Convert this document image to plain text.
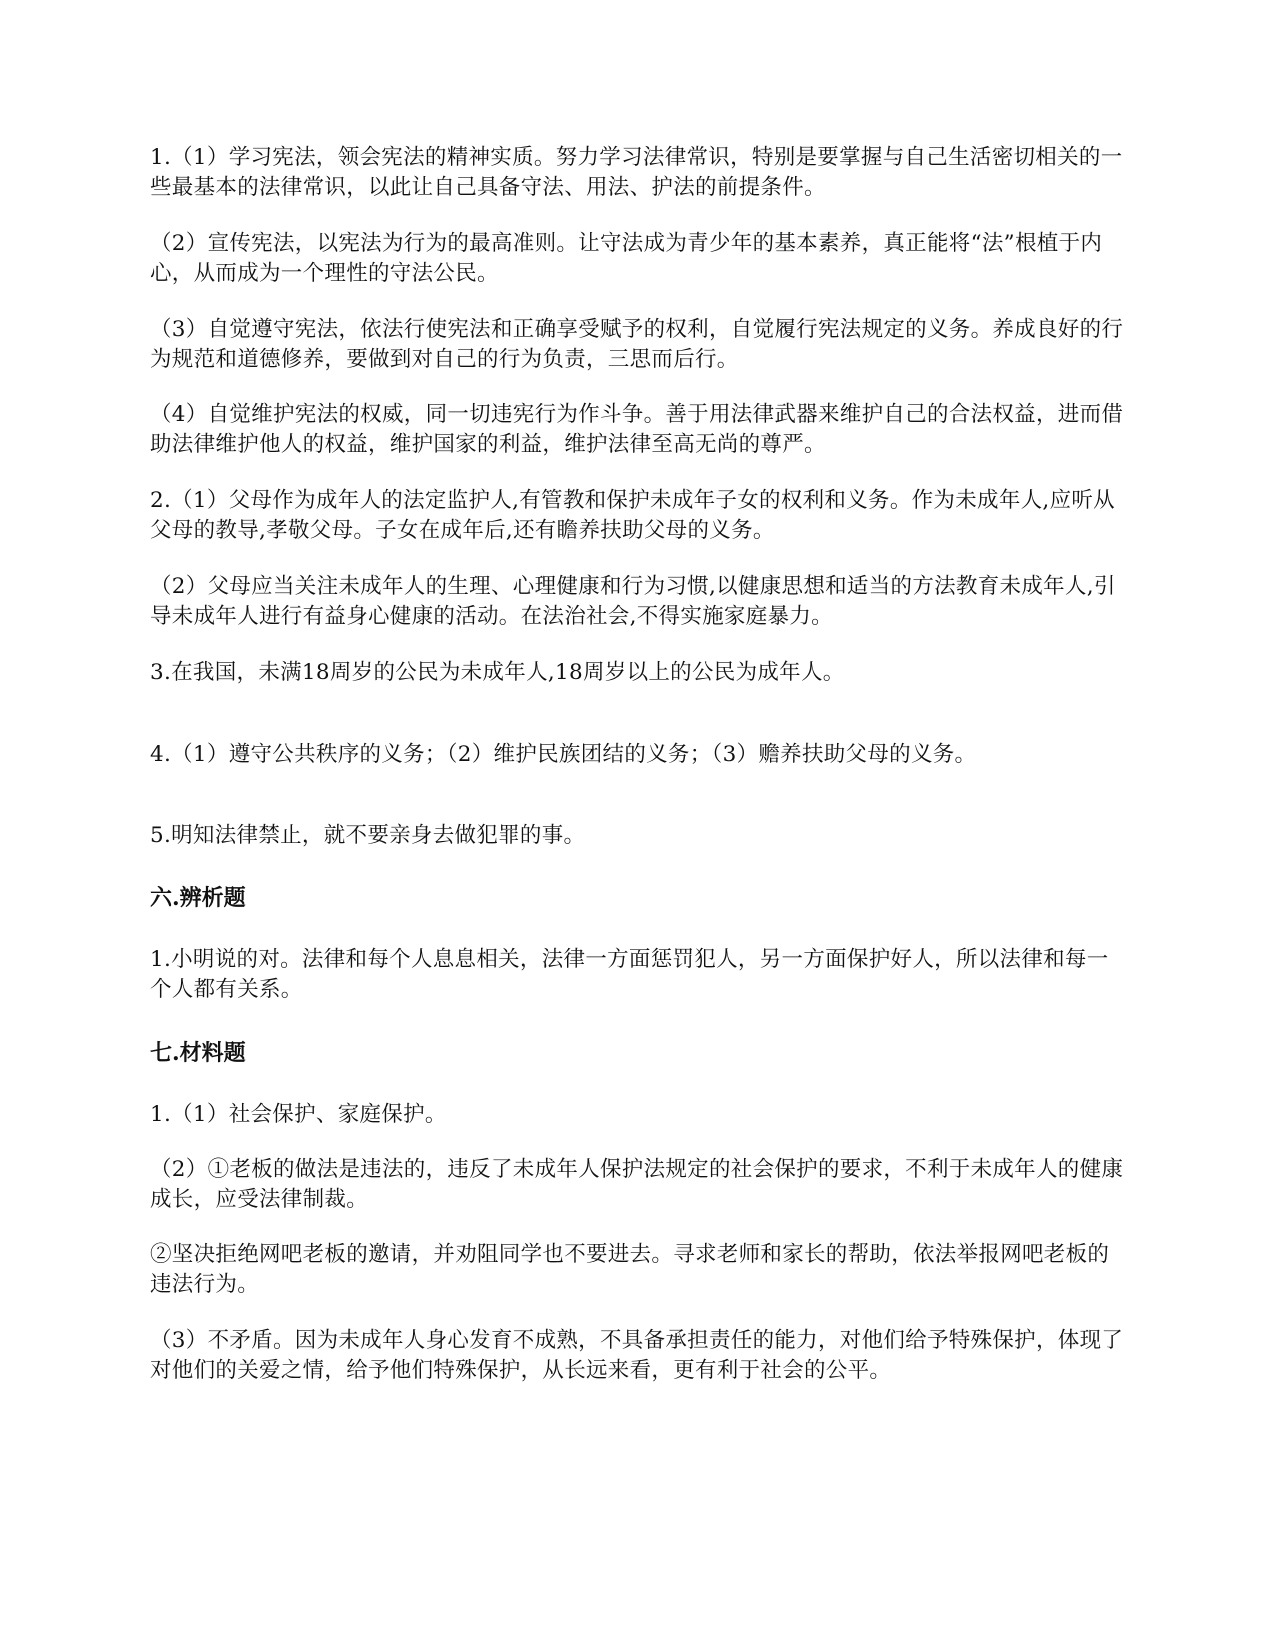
1.（1）学习宪法，领会宪法的精神实质。努力学习法律常识，特别是要掌握与自己生活密切相关的一些最基本的法律常识，以此让自己具备守法、用法、护法的前提条件。

（2）宣传宪法，以宪法为行为的最高准则。让守法成为青少年的基本素养，真正能将“法”根植于内心，从而成为一个理性的守法公民。

（3）自觉遵守宪法，依法行使宪法和正确享受赋予的权利，自觉履行宪法规定的义务。养成良好的行为规范和道德修养，要做到对自己的行为负责，三思而后行。

（4）自觉维护宪法的权威，同一切违宪行为作斗争。善于用法律武器来维护自己的合法权益，进而借助法律维护他人的权益，维护国家的利益，维护法律至高无尚的尊严。

2.（1）父母作为成年人的法定监护人,有管教和保护未成年子女的权利和义务。作为未成年人,应听从父母的教导,孝敬父母。子女在成年后,还有瞻养扶助父母的义务。

（2）父母应当关注未成年人的生理、心理健康和行为习惯,以健康思想和适当的方法教育未成年人,引导未成年人进行有益身心健康的活动。在法治社会,不得实施家庭暴力。

3.在我国，未满18周岁的公民为未成年人,18周岁以上的公民为成年人。

4.（1）遵守公共秩序的义务；（2）维护民族团结的义务；（3）赡养扶助父母的义务。

5.明知法律禁止，就不要亲身去做犯罪的事。

六.辨析题

1.小明说的对。法律和每个人息息相关，法律一方面惩罚犯人，另一方面保护好人，所以法律和每一个人都有关系。

七.材料题

1.（1）社会保护、家庭保护。

（2）①老板的做法是违法的，违反了未成年人保护法规定的社会保护的要求，不利于未成年人的健康成长，应受法律制裁。

②坚决拒绝网吧老板的邀请，并劝阻同学也不要进去。寻求老师和家长的帮助，依法举报网吧老板的违法行为。

（3）不矛盾。因为未成年人身心发育不成熟，不具备承担责任的能力，对他们给予特殊保护，体现了对他们的关爱之情，给予他们特殊保护，从长远来看，更有利于社会的公平。
